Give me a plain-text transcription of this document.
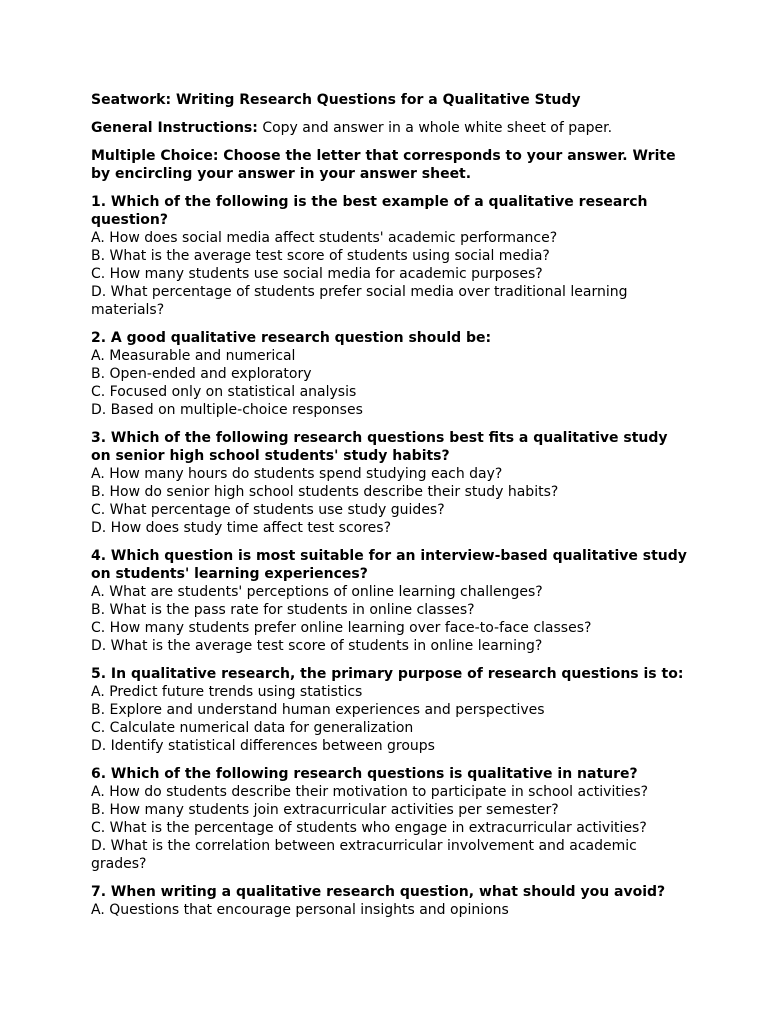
Seatwork: Writing Research Questions for a Qualitative Study
General Instructions: Copy and answer in a whole white sheet of paper.
Multiple Choice: Choose the letter that corresponds to your answer. Write by encircling your answer in your answer sheet.
1. Which of the following is the best example of a qualitative research question?
A. How does social media affect students' academic performance?
B. What is the average test score of students using social media?
C. How many students use social media for academic purposes?
D. What percentage of students prefer social media over traditional learning materials?
2. A good qualitative research question should be:
A. Measurable and numerical
B. Open-ended and exploratory
C. Focused only on statistical analysis
D. Based on multiple-choice responses
3. Which of the following research questions best fits a qualitative study on senior high school students' study habits?
A. How many hours do students spend studying each day?
B. How do senior high school students describe their study habits?
C. What percentage of students use study guides?
D. How does study time affect test scores?
4. Which question is most suitable for an interview-based qualitative study on students' learning experiences?
A. What are students' perceptions of online learning challenges?
B. What is the pass rate for students in online classes?
C. How many students prefer online learning over face-to-face classes?
D. What is the average test score of students in online learning?
5. In qualitative research, the primary purpose of research questions is to:
A. Predict future trends using statistics
B. Explore and understand human experiences and perspectives
C. Calculate numerical data for generalization
D. Identify statistical differences between groups
6. Which of the following research questions is qualitative in nature?
A. How do students describe their motivation to participate in school activities?
B. How many students join extracurricular activities per semester?
C. What is the percentage of students who engage in extracurricular activities?
D. What is the correlation between extracurricular involvement and academic grades?
7. When writing a qualitative research question, what should you avoid?
A. Questions that encourage personal insights and opinions
